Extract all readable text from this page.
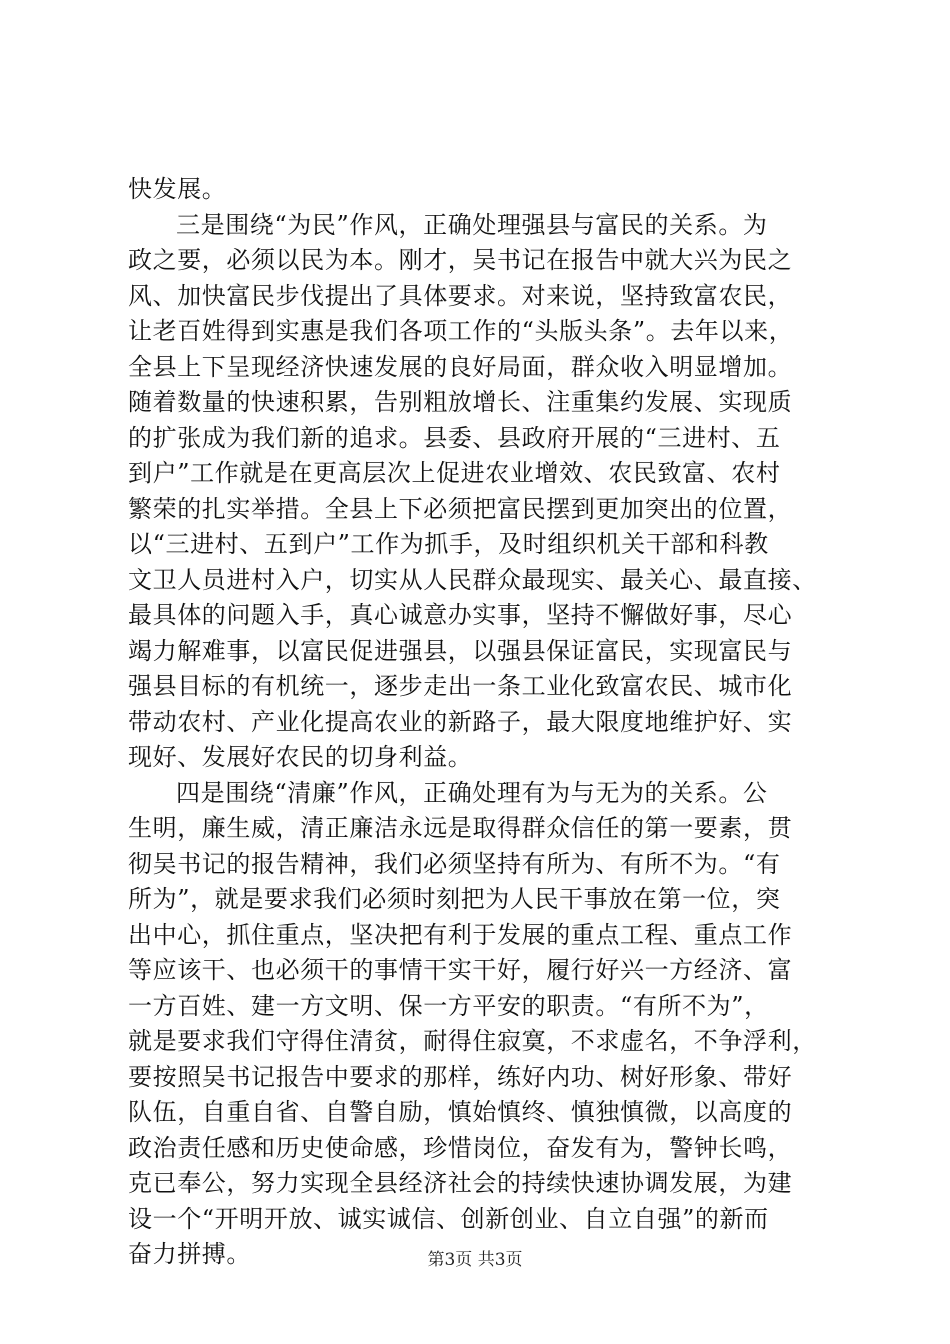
快发展。
三是围绕“为民”作风，正确处理强县与富民的关系。为
政之要，必须以民为本。刚才，吴书记在报告中就大兴为民之
风、加快富民步伐提出了具体要求。对来说，坚持致富农民，
让老百姓得到实惠是我们各项工作的“头版头条”。去年以来，
全县上下呈现经济快速发展的良好局面，群众收入明显增加。
随着数量的快速积累，告别粗放增长、注重集约发展、实现质
的扩张成为我们新的追求。县委、县政府开展的“三进村、五
到户”工作就是在更高层次上促进农业增效、农民致富、农村
繁荣的扎实举措。全县上下必须把富民摆到更加突出的位置，
以“三进村、五到户”工作为抓手，及时组织机关干部和科教
文卫人员进村入户，切实从人民群众最现实、最关心、最直接、
最具体的问题入手，真心诚意办实事，坚持不懈做好事，尽心
竭力解难事，以富民促进强县，以强县保证富民，实现富民与
强县目标的有机统一，逐步走出一条工业化致富农民、城市化
带动农村、产业化提高农业的新路子，最大限度地维护好、实
现好、发展好农民的切身利益。
四是围绕“清廉”作风，正确处理有为与无为的关系。公
生明，廉生威，清正廉洁永远是取得群众信任的第一要素，贯
彻吴书记的报告精神，我们必须坚持有所为、有所不为。“有
所为”，就是要求我们必须时刻把为人民干事放在第一位，突
出中心，抓住重点，坚决把有利于发展的重点工程、重点工作
等应该干、也必须干的事情干实干好，履行好兴一方经济、富
一方百姓、建一方文明、保一方平安的职责。“有所不为”，
就是要求我们守得住清贫，耐得住寂寞，不求虚名，不争浮利，
要按照吴书记报告中要求的那样，练好内功、树好形象、带好
队伍，自重自省、自警自励，慎始慎终、慎独慎微，以高度的
政治责任感和历史使命感，珍惜岗位，奋发有为，警钟长鸣，
克已奉公，努力实现全县经济社会的持续快速协调发展，为建
设一个“开明开放、诚实诚信、创新创业、自立自强”的新而
奋力拼搏。	第3页 共3页
